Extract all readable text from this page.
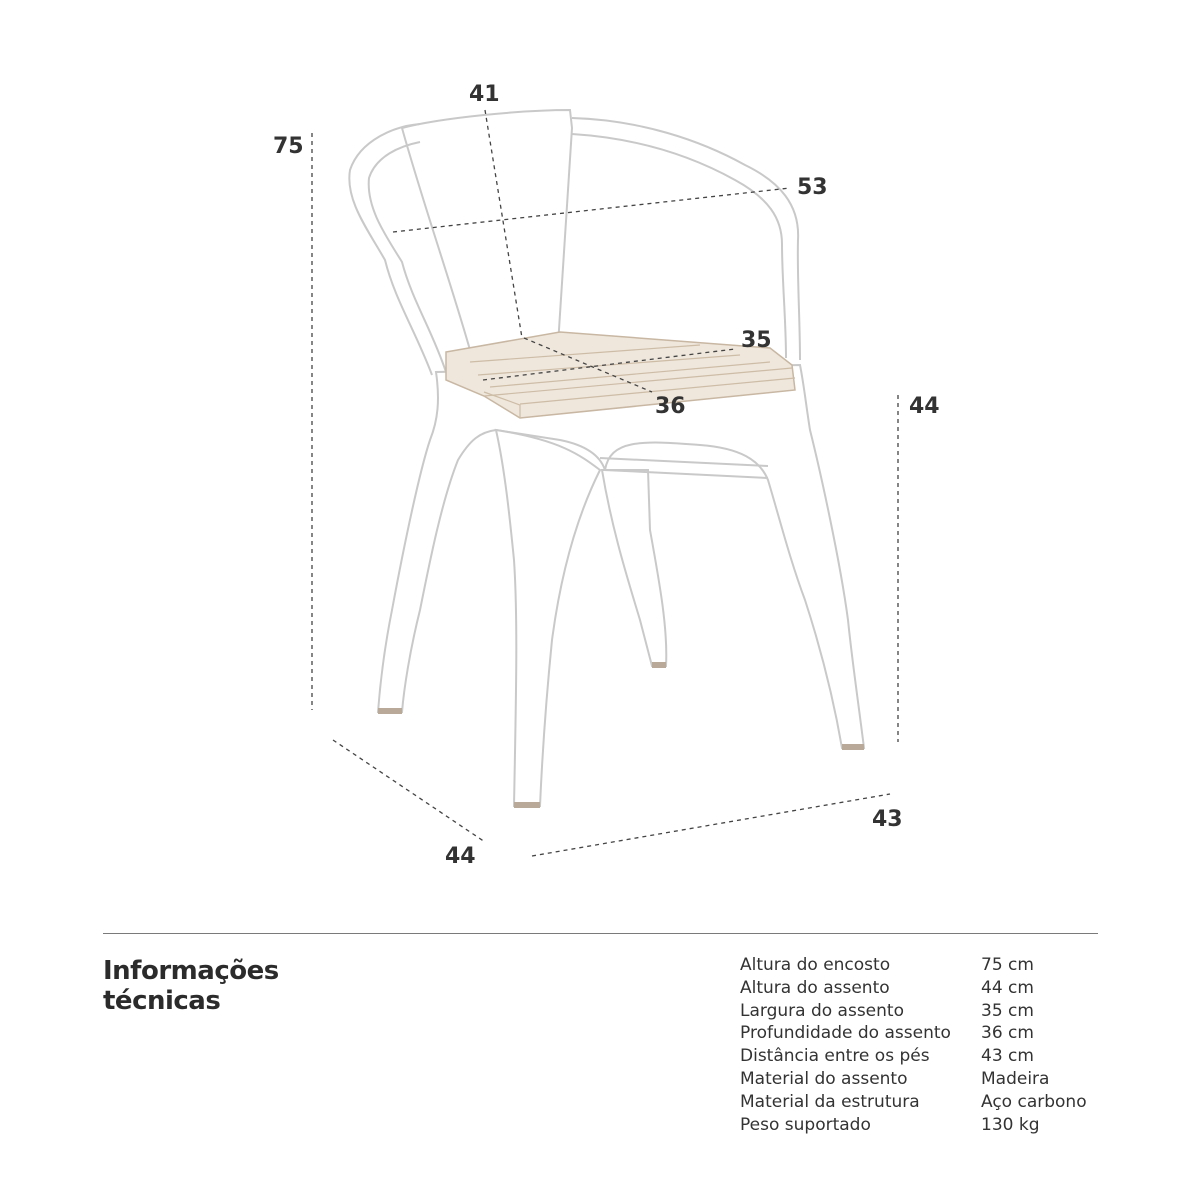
75
41
53
35
36	44
43
44
Informações
técnicas
Altura do encosto	75 cm
Altura do assento	44 cm
Largura do assento	35 cm
Profundidade do assento	36 cm
Distância entre os pés	43 cm
Material do assento	Madeira
Material da estrutura	Aço carbono
Peso suportado	130 kg
